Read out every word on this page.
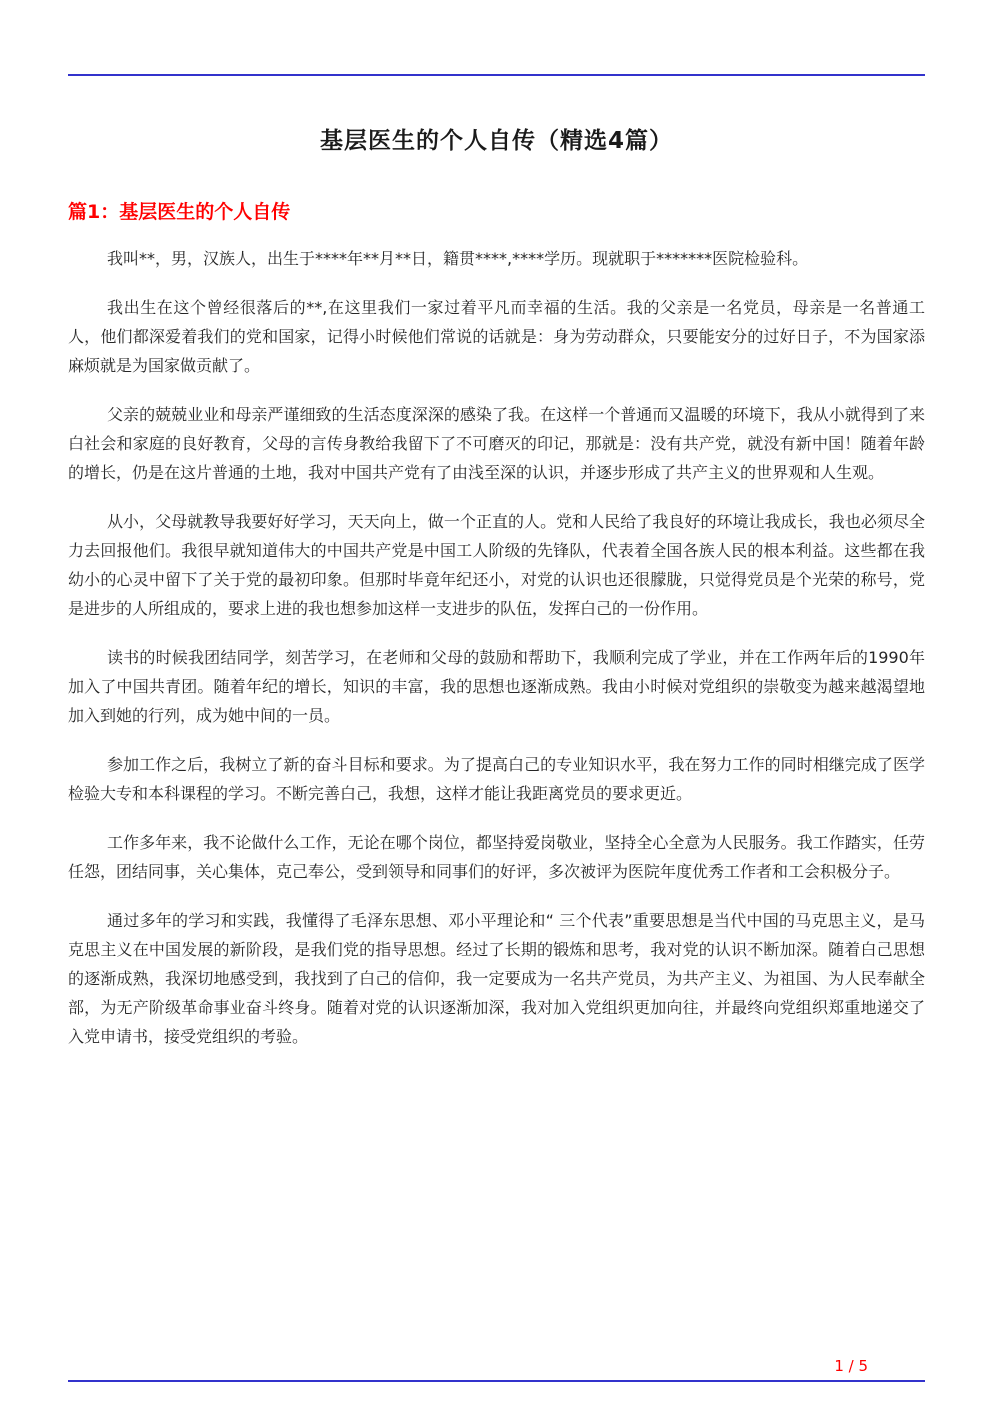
基层医生的个人自传（精选4篇）
篇1：基层医生的个人自传

我叫**，男，汉族人，出生于****年**月**日，籍贯****,****学历。现就职于*******医院检验科。

我出生在这个曾经很落后的**,在这里我们一家过着平凡而幸福的生活。我的父亲是一名党员，母亲是一名普通工人，他们都深爱着我们的党和国家，记得小时候他们常说的话就是：身为劳动群众，只要能安分的过好日子，不为国家添麻烦就是为国家做贡献了。

父亲的兢兢业业和母亲严谨细致的生活态度深深的感染了我。在这样一个普通而又温暖的环境下，我从小就得到了来白社会和家庭的良好教育，父母的言传身教给我留下了不可磨灭的印记，那就是：没有共产党，就没有新中国！随着年龄的增长，仍是在这片普通的土地，我对中国共产党有了由浅至深的认识，并逐步形成了共产主义的世界观和人生观。

从小，父母就教导我要好好学习，天天向上，做一个正直的人。党和人民给了我良好的环境让我成长，我也必须尽全力去回报他们。我很早就知道伟大的中国共产党是中国工人阶级的先锋队，代表着全国各族人民的根本利益。这些都在我幼小的心灵中留下了关于党的最初印象。但那时毕竟年纪还小，对党的认识也还很朦胧，只觉得党员是个光荣的称号，党是进步的人所组成的，要求上进的我也想参加这样一支进步的队伍，发挥白己的一份作用。

读书的时候我团结同学，刻苦学习，在老师和父母的鼓励和帮助下，我顺利完成了学业，并在工作两年后的1990年加入了中国共青团。随着年纪的增长，知识的丰富，我的思想也逐渐成熟。我由小时候对党组织的崇敬变为越来越渴望地加入到她的行列，成为她中间的一员。

参加工作之后，我树立了新的奋斗目标和要求。为了提高白己的专业知识水平，我在努力工作的同时相继完成了医学检验大专和本科课程的学习。不断完善白己，我想，这样才能让我距离党员的要求更近。

工作多年来，我不论做什么工作，无论在哪个岗位，都坚持爱岗敬业，坚持全心全意为人民服务。我工作踏实，任劳任怨，团结同事，关心集体，克己奉公，受到领导和同事们的好评，多次被评为医院年度优秀工作者和工会积极分子。

通过多年的学习和实践，我懂得了毛泽东思想、邓小平理论和“ 三个代表”重要思想是当代中国的马克思主义，是马克思主义在中国发展的新阶段，是我们党的指导思想。经过了长期的锻炼和思考，我对党的认识不断加深。随着白己思想的逐渐成熟，我深切地感受到，我找到了白己的信仰，我一定要成为一名共产党员，为共产主义、为祖国、为人民奉献全部，为无产阶级革命事业奋斗终身。随着对党的认识逐渐加深，我对加入党组织更加向往，并最终向党组织郑重地递交了入党申请书，接受党组织的考验。

1 / 5
